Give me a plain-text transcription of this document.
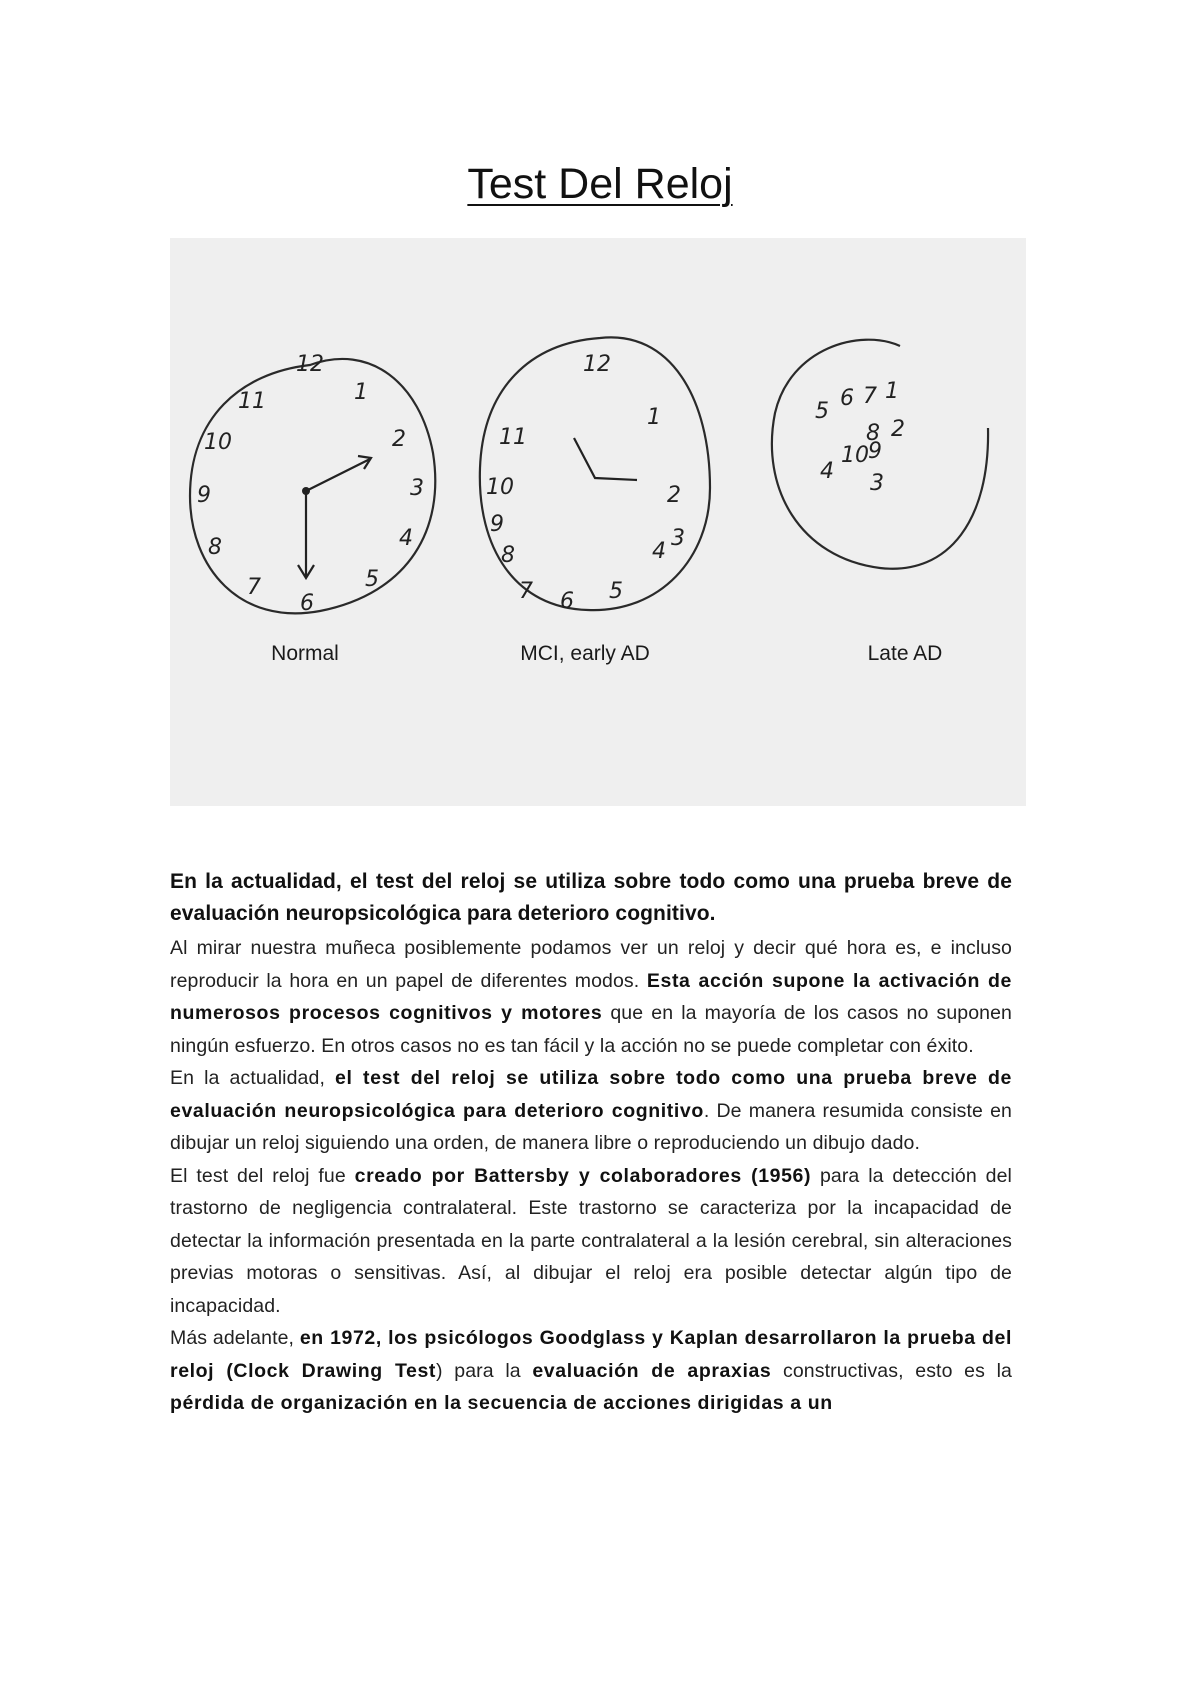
Test Del Reloj
12
1
2
3
4
5
6
7
8
9
10
11
12
1
2
3
4
5
6
7
8
9
10
11
5
6 7 1
8 2
4
10 9
3
Normal	MCI, early AD	Late AD

En la actualidad, el test del reloj se utiliza sobre todo como una prueba breve de evaluación neuropsicológica para deterioro cognitivo.

Al mirar nuestra muñeca posiblemente podamos ver un reloj y decir qué hora es, e incluso reproducir la hora en un papel de diferentes modos. Esta acción supone la activación de numerosos procesos cognitivos y motores que en la mayoría de los casos no suponen ningún esfuerzo. En otros casos no es tan fácil y la acción no se puede completar con éxito.

En la actualidad, el test del reloj se utiliza sobre todo como una prueba breve de evaluación neuropsicológica para deterioro cognitivo. De manera resumida consiste en dibujar un reloj siguiendo una orden, de manera libre o reproduciendo un dibujo dado.

El test del reloj fue creado por Battersby y colaboradores (1956) para la detección del trastorno de negligencia contralateral. Este trastorno se caracteriza por la incapacidad de detectar la información presentada en la parte contralateral a la lesión cerebral, sin alteraciones previas motoras o sensitivas. Así, al dibujar el reloj era posible detectar algún tipo de incapacidad.

Más adelante, en 1972, los psicólogos Goodglass y Kaplan desarrollaron la prueba del reloj (Clock Drawing Test) para la evaluación de apraxias constructivas, esto es la pérdida de organización en la secuencia de acciones dirigidas a un
